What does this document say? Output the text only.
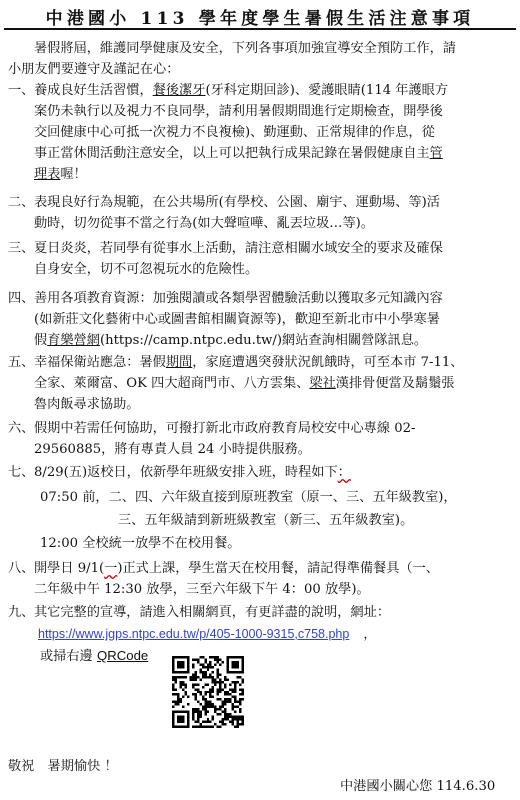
中港國小 113 學年度學生暑假生活注意事項
暑假將屆，維護同學健康及安全，下列各事項加強宣導安全預防工作，請
小朋友們要遵守及謹記在心：
一、 養成良好生活習慣，餐後潔牙(牙科定期回診)、愛護眼睛(114 年護眼方
案仍未執行以及視力不良同學，請利用暑假期間進行定期檢查，開學後
交回健康中心可抵一次視力不良複檢)、勤運動、正常規律的作息，從
事正當休閒活動注意安全，以上可以把執行成果記錄在暑假健康自主管
理表喔！
二、 表現良好行為規範，在公共場所(有學校、公園、廟宇、運動場、等)活
動時，切勿從事不當之行為(如大聲喧嘩、亂丟垃圾…等)。
三、 夏日炎炎，若同學有從事水上活動，請注意相關水域安全的要求及確保
自身安全，切不可忽視玩水的危險性。
四、 善用各項教育資源：加強閱讀或各類學習體驗活動以獲取多元知識內容
(如新莊文化藝術中心或圖書館相關資源等)，歡迎至新北市中小學寒暑
假育樂營網(https://camp.ntpc.edu.tw/)網站查詢相關營隊訊息。
五、 幸福保衛站應急：暑假期間，家庭遭遇突發狀況飢餓時，可至本市 7-11、
全家、萊爾富、OK 四大超商門市、八方雲集、梁社漢排骨便當及鬍鬚張
魯肉飯尋求協助。
六、 假期中若需任何協助，可撥打新北市政府教育局校安中心專線 02-
29560885，將有專責人員 24 小時提供服務。
七、 8/29(五)返校日，依新學年班級安排入班，時程如下：
07:50 前，二、四、六年級直接到原班教室（原一、三、五年級教室)，
三、五年級請到新班級教室（新三、五年級教室)。
12:00 全校統一放學不在校用餐。
八、 開學日 9/1(一)正式上課，學生當天在校用餐，請記得準備餐具（一、
二年級中午 12:30 放學，三至六年級下午 4：00 放學)。
九、 其它完整的宣導，請進入相關網頁，有更詳盡的說明，網址：
https://www.jgps.ntpc.edu.tw/p/405-1000-9315,c758.php ，
或掃右邊 QRCode
敬祝　暑期愉快 ！
中港國小關心您 114.6.30
